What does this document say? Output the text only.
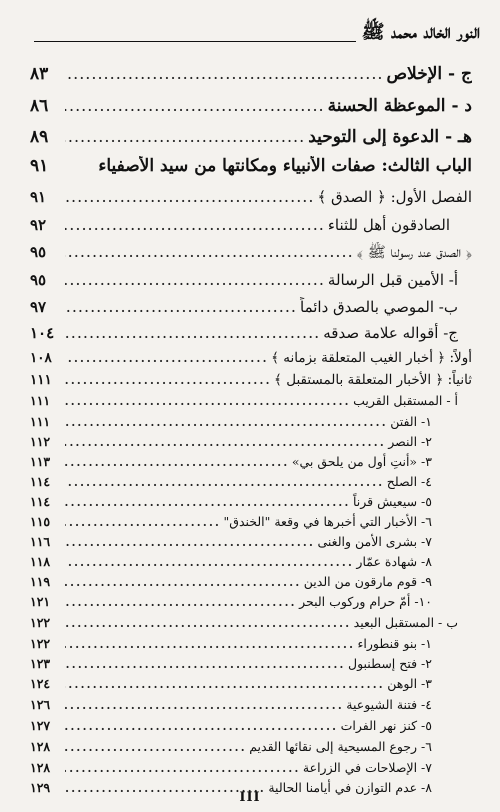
النور الخالد محمد ﷺ
ج - الإخلاص
.....
٨٣
د - الموعظة الحسنة
.....
٨٦
هـ - الدعوة إلى التوحيد
.....
٨٩
الباب الثالث: صفات الأنبياء ومكانتها من سيد الأصفياء
٩١
الفصل الأول: ﴿ الصدق ﴾
.....
٩١
الصادقون أهل للثناء
.....
٩٢
﴿ الصدق عند رسولنا ﷺ ﴾
.....
٩٥
أ- الأمين قبل الرسالة
.....
٩٥
ب- الموصي بالصدق دائماً
.....
٩٧
ج- أقواله علامة صدقه
.....
١٠٤
أولاً: ﴿ أخبار الغيب المتعلقة بزمانه ﴾
.....
١٠٨
ثانياً: ﴿ الأخبار المتعلقة بالمستقبل ﴾
.....
١١١
أ - المستقبل القريب
.....
١١١
١- الفتن
.....
١١١
٢- النصر
.....
١١٢
٣- «أنتِ أول من يلحق بي»
.....
١١٣
٤- الصلح
.....
١١٤
٥- سيعيش قرناً
.....
١١٤
٦- الأخبار التي أخبرها في وقعة "الخندق"
.....
١١٥
٧- بشرى الأمن والغنى
.....
١١٦
٨- شهادة عمّار
.....
١١٨
٩- قوم مارقون من الدين
.....
١١٩
١٠- أمّ حرام وركوب البحر
.....
١٢١
ب - المستقبل البعيد
.....
١٢٢
١- بنو قنطوراء
.....
١٢٢
٢- فتح إسطنبول
.....
١٢٣
٣- الوهن
.....
١٢٤
٤- فتنة الشيوعية
.....
١٢٦
٥- كنز نهر الفرات
.....
١٢٧
٦- رجوع المسيحية إلى نقائها القديم
.....
١٢٨
٧- الإصلاحات في الزراعة
.....
١٢٨
٨- عدم التوازن في أيامنا الحالية
.....
١٢٩
III
